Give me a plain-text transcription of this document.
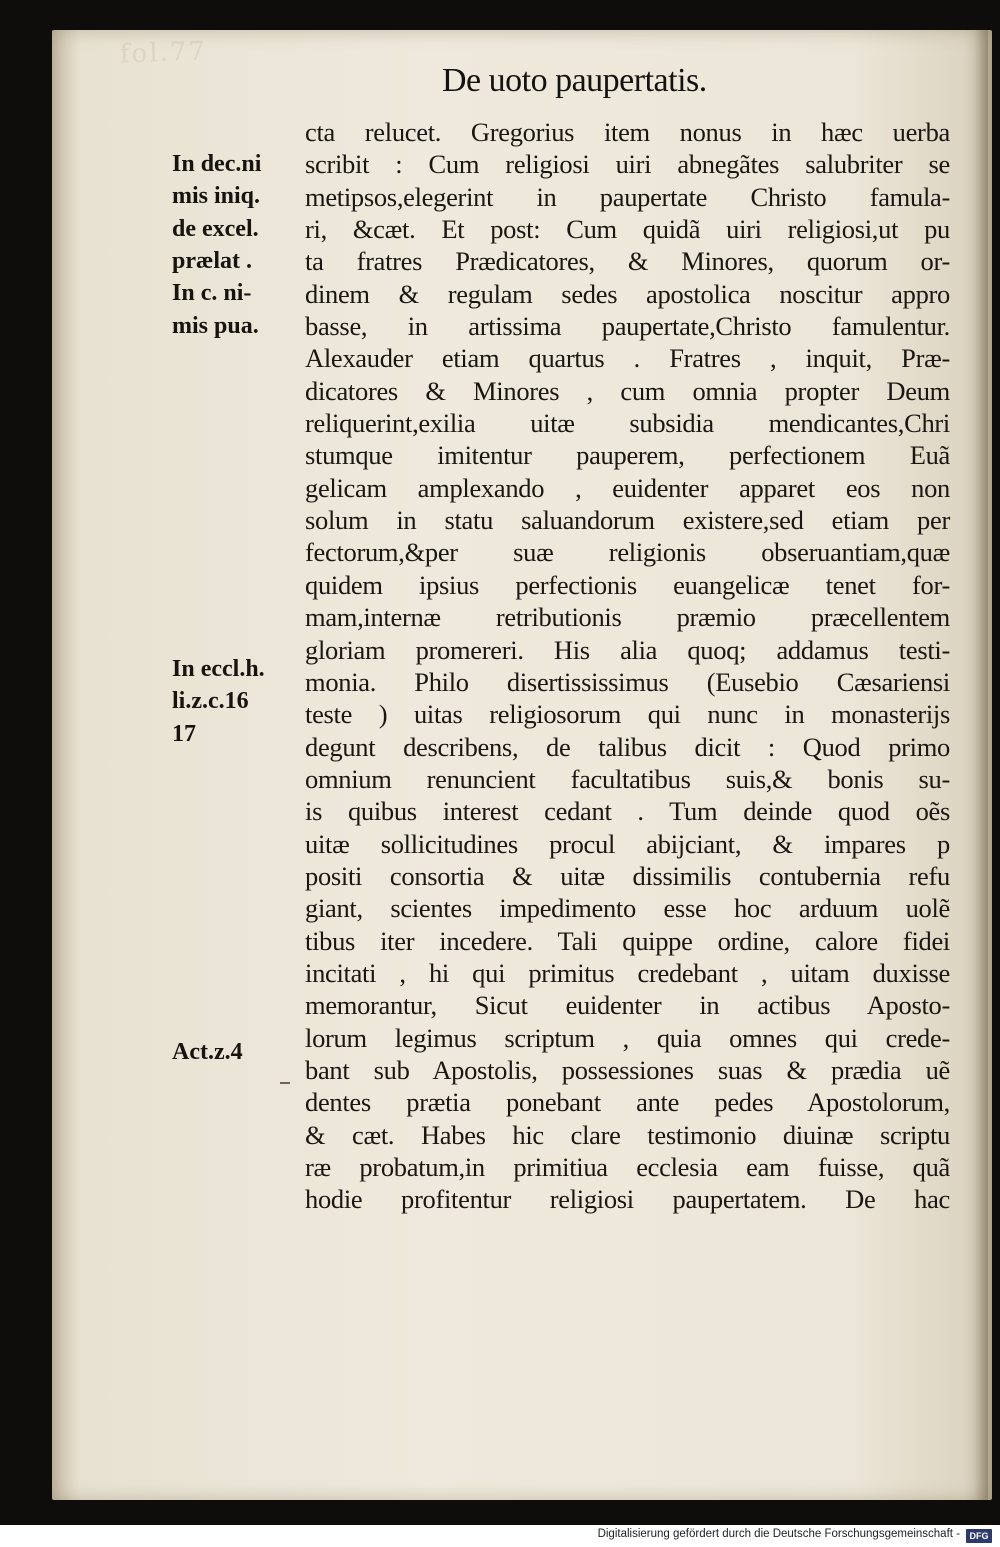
fol.77
De uoto paupertatis.
cta relucet. Gregorius item nonus in hæc uerba
scribit : Cum religiosi uiri abnegãtes salubriter se
metipsos,elegerint in paupertate Christo famula-
ri, &cæt. Et post: Cum quidã uiri religiosi,ut pu
ta fratres Prædicatores, & Minores, quorum or-
dinem & regulam sedes apostolica noscitur appro
basse, in artissima paupertate,Christo famulentur.
Alexauder etiam quartus . Fratres , inquit, Præ-
dicatores & Minores , cum omnia propter Deum
reliquerint,exilia uitæ subsidia mendicantes,Chri
stumque imitentur pauperem, perfectionem Euã
gelicam amplexando , euidenter apparet eos non
solum in statu saluandorum existere,sed etiam per
fectorum,&per suæ religionis obseruantiam,quæ
quidem ipsius perfectionis euangelicæ tenet for-
mam,internæ retributionis præmio præcellentem
gloriam promereri. His alia quoq; addamus testi-
monia. Philo disertississimus (Eusebio Cæsariensi
teste ) uitas religiosorum qui nunc in monasterijs
degunt describens, de talibus dicit : Quod primo
omnium renuncient facultatibus suis,& bonis su-
is quibus interest cedant . Tum deinde quod oẽs
uitæ sollicitudines procul abijciant, & impares p
positi consortia & uitæ dissimilis contubernia refu
giant, scientes impedimento esse hoc arduum uolẽ
tibus iter incedere. Tali quippe ordine, calore fidei
incitati , hi qui primitus credebant , uitam duxisse
memorantur, Sicut euidenter in actibus Aposto-
lorum legimus scriptum , quia omnes qui crede-
bant sub Apostolis, possessiones suas & prædia uẽ
dentes prætia ponebant ante pedes Apostolorum,
& cæt. Habes hic clare testimonio diuinæ scriptu
ræ probatum,in primitiua ecclesia eam fuisse, quã
hodie profitentur religiosi paupertatem. De hac
In dec.ni
mis iniq.
de excel.
prælat .
In c. ni-
mis pua.
In eccl.h.
li.z.c.16
17
Act.z.4
Digitalisierung gefördert durch die Deutsche Forschungsgemeinschaft -	DFG
